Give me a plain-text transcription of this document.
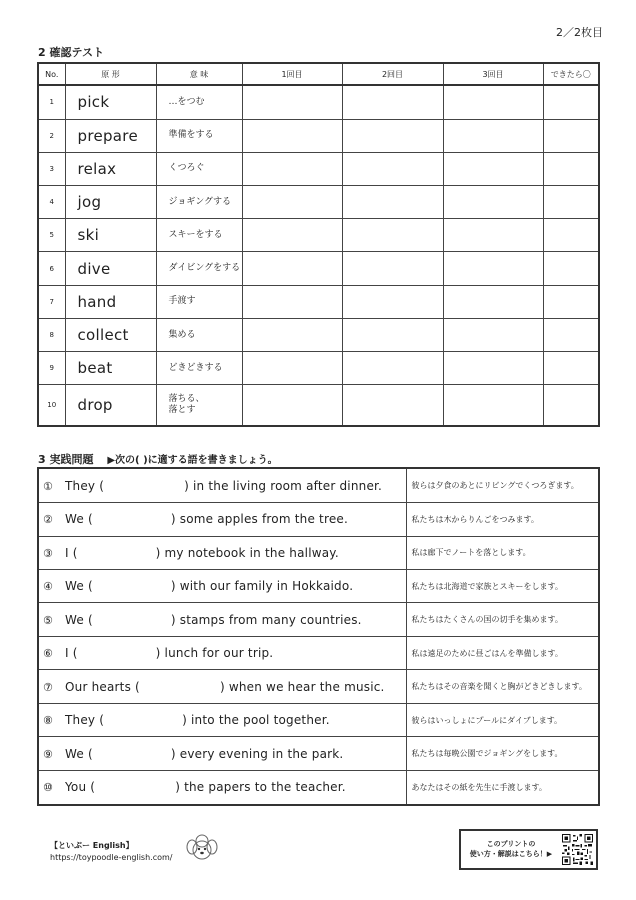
2／2枚目
2 確認テスト
No.	原 形	意 味	1回目	2回目	3回目	できたら〇
1	pick	…をつむ				
2	prepare	準備をする				
3	relax	くつろぐ				
4	jog	ジョギングする				
5	ski	スキーをする				
6	dive	ダイビングをする				
7	hand	手渡す				
8	collect	集める				
9	beat	どきどきする				
10	drop	落ちる、
落とす				
3 実践問題 ▶次の( )に適する語を書きましょう。
① They ( ) in the living room after dinner.	彼らは夕食のあとにリビングでくつろぎます。
② We ( ) some apples from the tree.	私たちは木からりんごをつみます。
③ I ( ) my notebook in the hallway.	私は廊下でノートを落とします。
④ We ( ) with our family in Hokkaido.	私たちは北海道で家族とスキーをします。
⑤ We ( ) stamps from many countries.	私たちはたくさんの国の切手を集めます。
⑥ I ( ) lunch for our trip.	私は遠足のために昼ごはんを準備します。
⑦ Our hearts ( ) when we hear the music.	私たちはその音楽を聞くと胸がどきどきします。
⑧ They ( ) into the pool together.	彼らはいっしょにプールにダイブします。
⑨ We ( ) every evening in the park.	私たちは毎晩公園でジョギングをします。
⑩ You ( ) the papers to the teacher.	あなたはその紙を先生に手渡します。
【といぷー English】
https://toypoodle-english.com/
このプリントの
使い方・解説はこちら！▶
